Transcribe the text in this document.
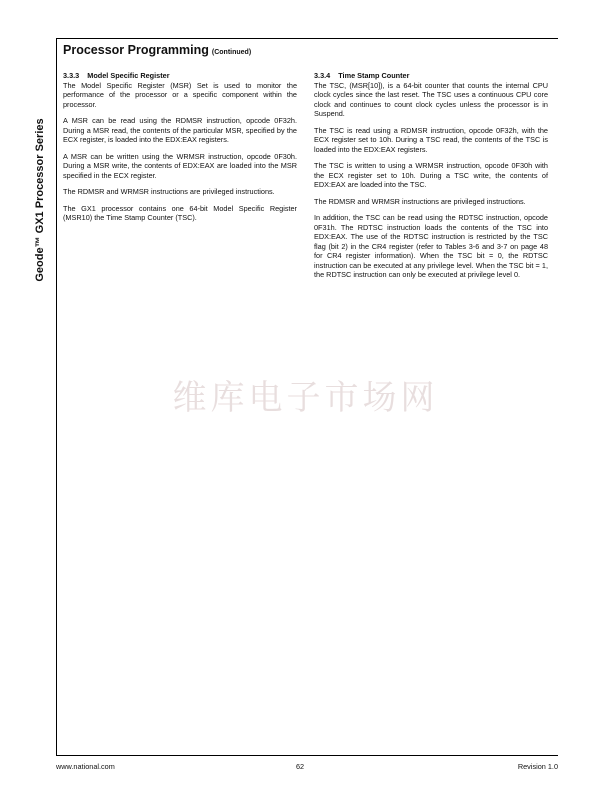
Geode™ GX1 Processor Series
Processor Programming (Continued)
3.3.3 Model Specific Register

The Model Specific Register (MSR) Set is used to monitor the performance of the processor or a specific component within the processor.

A MSR can be read using the RDMSR instruction, opcode 0F32h. During a MSR read, the contents of the particular MSR, specified by the ECX register, is loaded into the EDX:EAX registers.

A MSR can be written using the WRMSR instruction, opcode 0F30h. During a MSR write, the contents of EDX:EAX are loaded into the MSR specified in the ECX register.

The RDMSR and WRMSR instructions are privileged instructions.

The GX1 processor contains one 64-bit Model Specific Register (MSR10) the Time Stamp Counter (TSC).

3.3.4 Time Stamp Counter

The TSC, (MSR[10]), is a 64-bit counter that counts the internal CPU clock cycles since the last reset. The TSC uses a continuous CPU core clock and continues to count clock cycles unless the processor is in Suspend.

The TSC is read using a RDMSR instruction, opcode 0F32h, with the ECX register set to 10h. During a TSC read, the contents of the TSC is loaded into the EDX:EAX registers.

The TSC is written to using a WRMSR instruction, opcode 0F30h with the ECX register set to 10h. During a TSC write, the contents of EDX:EAX are loaded into the TSC.

The RDMSR and WRMSR instructions are privileged instructions.

In addition, the TSC can be read using the RDTSC instruction, opcode 0F31h. The RDTSC instruction loads the contents of the TSC into EDX:EAX. The use of the RDTSC instruction is restricted by the TSC flag (bit 2) in the CR4 register (refer to Tables 3-6 and 3-7 on page 48 for CR4 register information). When the TSC bit = 0, the RDTSC instruction can be executed at any privilege level. When the TSC bit = 1, the RDTSC instruction can only be executed at privilege level 0.

维库电子市场网
www.national.com	62	Revision 1.0
